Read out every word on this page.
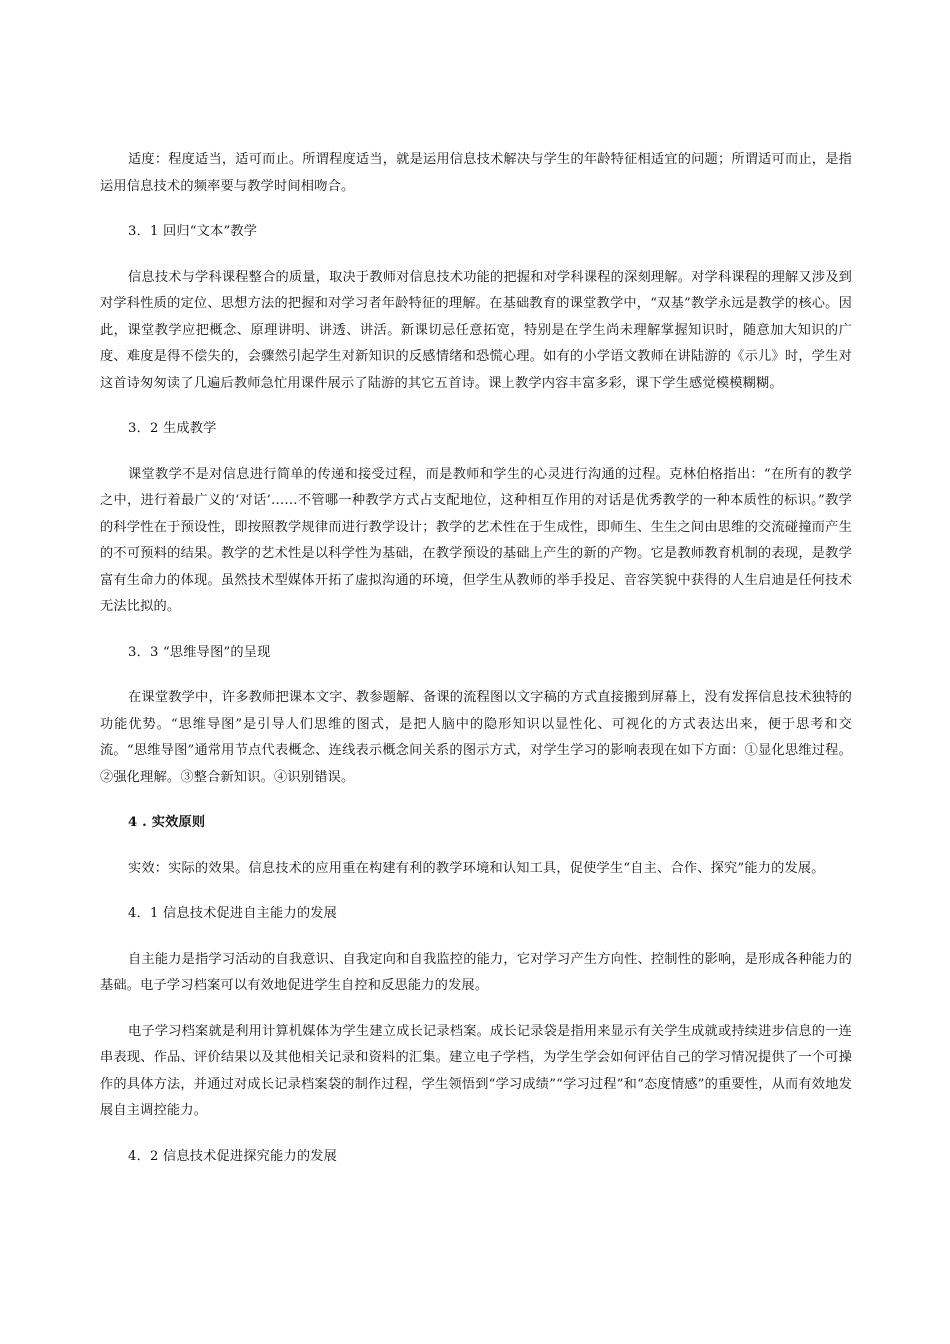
适度：程度适当，适可而止。所谓程度适当，就是运用信息技术解决与学生的年龄特征相适宜的问题；所谓适可而止，是指运用信息技术的频率要与教学时间相吻合。

3．1 回归“文本”教学

信息技术与学科课程整合的质量，取决于教师对信息技术功能的把握和对学科课程的深刻理解。对学科课程的理解又涉及到对学科性质的定位、思想方法的把握和对学习者年龄特征的理解。在基础教育的课堂教学中，“双基”教学永远是教学的核心。因此，课堂教学应把概念、原理讲明、讲透、讲活。新课切忌任意拓宽，特别是在学生尚未理解掌握知识时，随意加大知识的广度、难度是得不偿失的，会骤然引起学生对新知识的反感情绪和恐慌心理。如有的小学语文教师在讲陆游的《示儿》时，学生对这首诗匆匆读了几遍后教师急忙用课件展示了陆游的其它五首诗。课上教学内容丰富多彩，课下学生感觉模模糊糊。

3．2 生成教学

课堂教学不是对信息进行简单的传递和接受过程，而是教师和学生的心灵进行沟通的过程。克林伯格指出：“在所有的教学之中，进行着最广义的‘对话’……不管哪一种教学方式占支配地位，这种相互作用的对话是优秀教学的一种本质性的标识。”教学的科学性在于预设性，即按照教学规律而进行教学设计；教学的艺术性在于生成性，即师生、生生之间由思维的交流碰撞而产生的不可预料的结果。教学的艺术性是以科学性为基础，在教学预设的基础上产生的新的产物。它是教师教育机制的表现，是教学富有生命力的体现。虽然技术型媒体开拓了虚拟沟通的环境，但学生从教师的举手投足、音容笑貌中获得的人生启迪是任何技术无法比拟的。

3．3 “思维导图”的呈现

在课堂教学中，许多教师把课本文字、教参题解、备课的流程图以文字稿的方式直接搬到屏幕上，没有发挥信息技术独特的功能优势。“思维导图”是引导人们思维的图式，是把人脑中的隐形知识以显性化、可视化的方式表达出来，便于思考和交流。“思维导图”通常用节点代表概念、连线表示概念间关系的图示方式，对学生学习的影响表现在如下方面：①显化思维过程。②强化理解。③整合新知识。④识别错误。

4 . 实效原则

实效：实际的效果。信息技术的应用重在构建有利的教学环境和认知工具，促使学生“自主、合作、探究”能力的发展。

4．1 信息技术促进自主能力的发展

自主能力是指学习活动的自我意识、自我定向和自我监控的能力，它对学习产生方向性、控制性的影响，是形成各种能力的基础。电子学习档案可以有效地促进学生自控和反思能力的发展。

电子学习档案就是利用计算机媒体为学生建立成长记录档案。成长记录袋是指用来显示有关学生成就或持续进步信息的一连串表现、作品、评价结果以及其他相关记录和资料的汇集。建立电子学档，为学生学会如何评估自己的学习情况提供了一个可操作的具体方法，并通过对成长记录档案袋的制作过程，学生领悟到“学习成绩”“学习过程”和“态度情感”的重要性，从而有效地发展自主调控能力。

4．2 信息技术促进探究能力的发展
